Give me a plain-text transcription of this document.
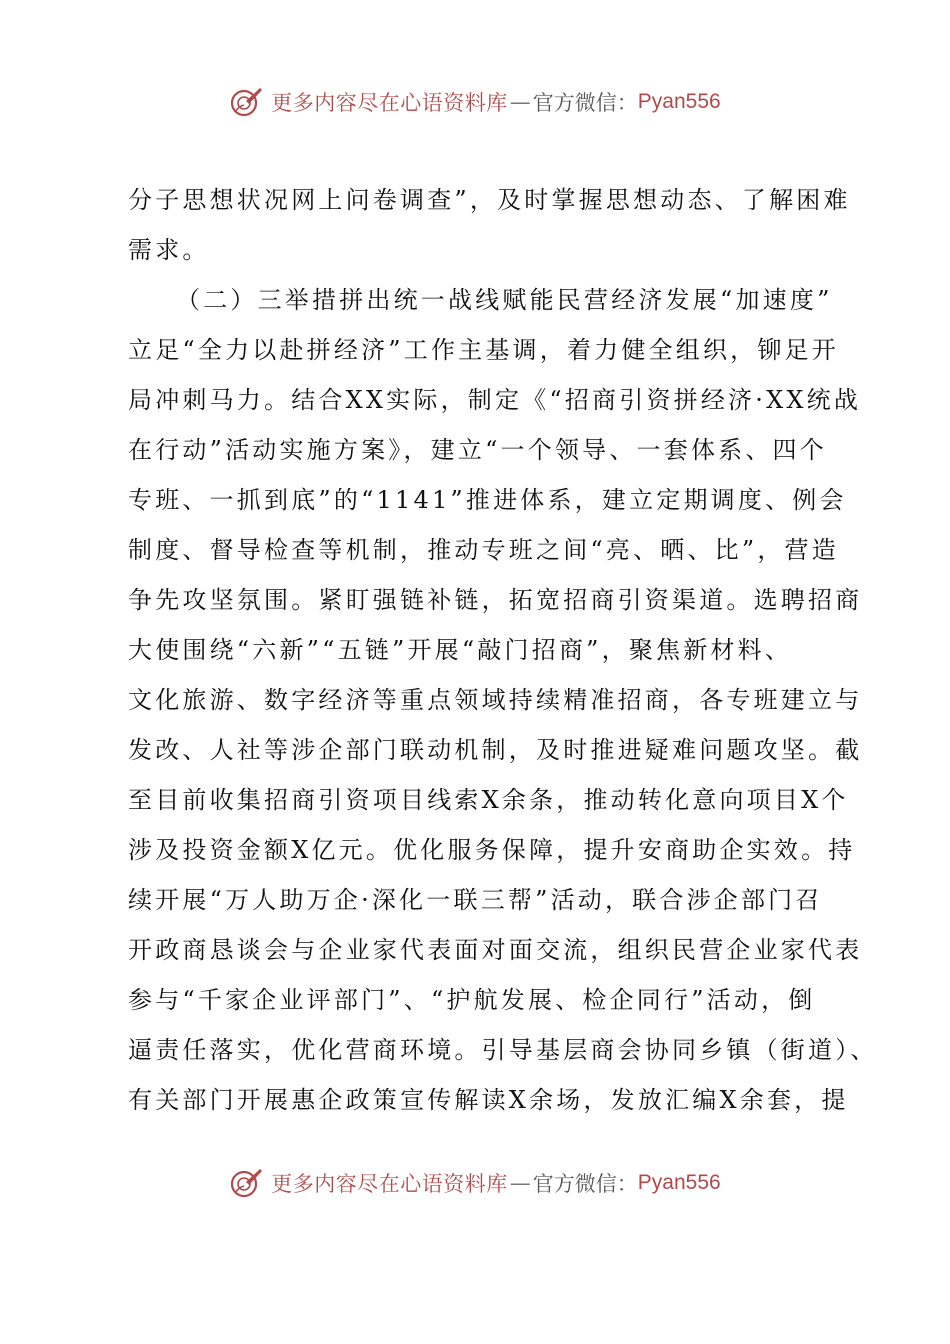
更多内容尽在心语资料库 — 官方微信： Pyan556
分子思想状况网上问卷调查”，及时掌握思想动态、了解困难
需求。
（二）三举措拼出统一战线赋能民营经济发展“加速度”
立足“全力以赴拼经济”工作主基调，着力健全组织，铆足开
局冲刺马力。结合XX实际，制定《“招商引资拼经济·XX统战
在行动”活动实施方案》，建立“一个领导、一套体系、四个
专班、一抓到底”的“1141”推进体系，建立定期调度、例会
制度、督导检查等机制，推动专班之间“亮、晒、比”，营造
争先攻坚氛围。紧盯强链补链，拓宽招商引资渠道。选聘招商
大使围绕“六新”“五链”开展“敲门招商”，聚焦新材料、
文化旅游、数字经济等重点领域持续精准招商，各专班建立与
发改、人社等涉企部门联动机制，及时推进疑难问题攻坚。截
至目前收集招商引资项目线索X余条，推动转化意向项目X个
涉及投资金额X亿元。优化服务保障，提升安商助企实效。持
续开展“万人助万企·深化一联三帮”活动，联合涉企部门召
开政商恳谈会与企业家代表面对面交流，组织民营企业家代表
参与“千家企业评部门”、“护航发展、检企同行”活动，倒
逼责任落实，优化营商环境。引导基层商会协同乡镇（街道）、
有关部门开展惠企政策宣传解读X余场，发放汇编X余套，提
更多内容尽在心语资料库 — 官方微信： Pyan556
